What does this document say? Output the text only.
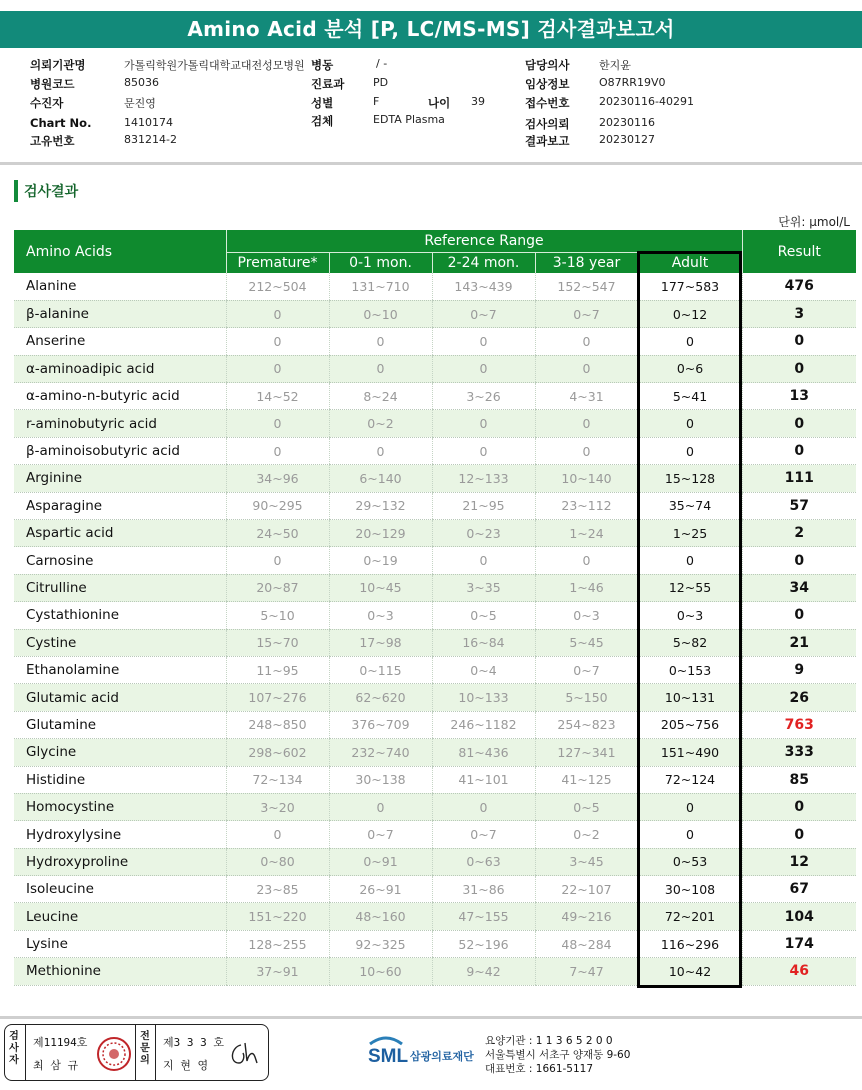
Amino Acid 분석 [P, LC/MS-MS] 검사결과보고서
의뢰기관명	가톨릭학원가톨릭대학교대전성모병원 병동	/ -
병원코드	85036	진료과	PD
수진자	문진영	성별	F	나이 39
Chart No.	1410174	검체	EDTA Plasma
고유번호	831214-2
담당의사	한지윤
임상정보	O87RR19V0
접수번호	20230116-40291
검사의뢰	20230116
결과보고	20230127
검사결과
단위: μmol/L
Amino Acids	Reference Range					Result
	Premature*	0-1 mon.	2-24 mon.	3-18 year	Adult	
Alanine	212~504	131~710	143~439	152~547	177~583	476
β-alanine	0	0~10	0~7	0~7	0~12	3
Anserine	0	0	0	0	0	0
α-aminoadipic acid	0	0	0	0	0~6	0
α-amino-n-butyric acid	14~52	8~24	3~26	4~31	5~41	13
r-aminobutyric acid	0	0~2	0	0	0	0
β-aminoisobutyric acid	0	0	0	0	0	0
Arginine	34~96	6~140	12~133	10~140	15~128	111
Asparagine	90~295	29~132	21~95	23~112	35~74	57
Aspartic acid	24~50	20~129	0~23	1~24	1~25	2
Carnosine	0	0~19	0	0	0	0
Citrulline	20~87	10~45	3~35	1~46	12~55	34
Cystathionine	5~10	0~3	0~5	0~3	0~3	0
Cystine	15~70	17~98	16~84	5~45	5~82	21
Ethanolamine	11~95	0~115	0~4	0~7	0~153	9
Glutamic acid	107~276	62~620	10~133	5~150	10~131	26
Glutamine	248~850	376~709	246~1182	254~823	205~756	763
Glycine	298~602	232~740	81~436	127~341	151~490	333
Histidine	72~134	30~138	41~101	41~125	72~124	85
Homocystine	3~20	0	0	0~5	0	0
Hydroxylysine	0	0~7	0~7	0~2	0	0
Hydroxyproline	0~80	0~91	0~63	3~45	0~53	12
Isoleucine	23~85	26~91	31~86	22~107	30~108	67
Leucine	151~220	48~160	47~155	49~216	72~201	104
Lysine	128~255	92~325	52~196	48~284	116~296	174
Methionine	37~91	10~60	9~42	7~47	10~42	46
검사자
제11194호
최 삼 규
전문의
제3 3 3 호
지 현 영	SML 삼광의료재단
요양기관 : 1 1 3 6 5 2 0 0
서울특별시 서초구 양재동 9-60
대표번호 : 1661-5117
